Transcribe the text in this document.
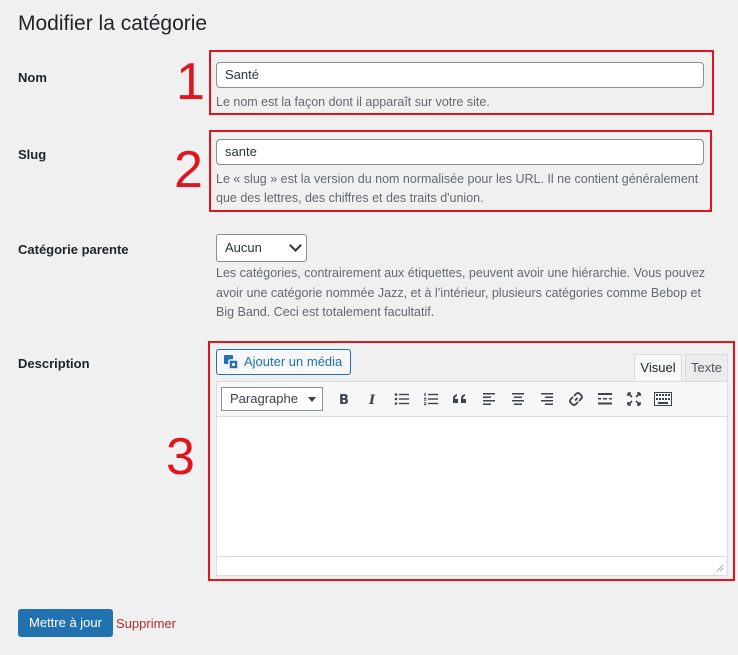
Modifier la catégorie
Nom 1	Santé
Le nom est la façon dont il apparaît sur votre site.
Slug 2	sante
Le « slug » est la version du nom normalisée pour les URL. Il ne contient généralement
que des lettres, des chiffres et des traits d'union.
Catégorie parente	Aucun
Les catégories, contrairement aux étiquettes, peuvent avoir une hiérarchie. Vous pouvez
avoir une catégorie nommée Jazz, et à l’intérieur, plusieurs catégories comme Bebop et
Big Band. Ceci est totalement facultatif.
Description
3
Ajouter un média	Visuel	Texte
Paragraphe	B I
Mettre à jour	Supprimer
